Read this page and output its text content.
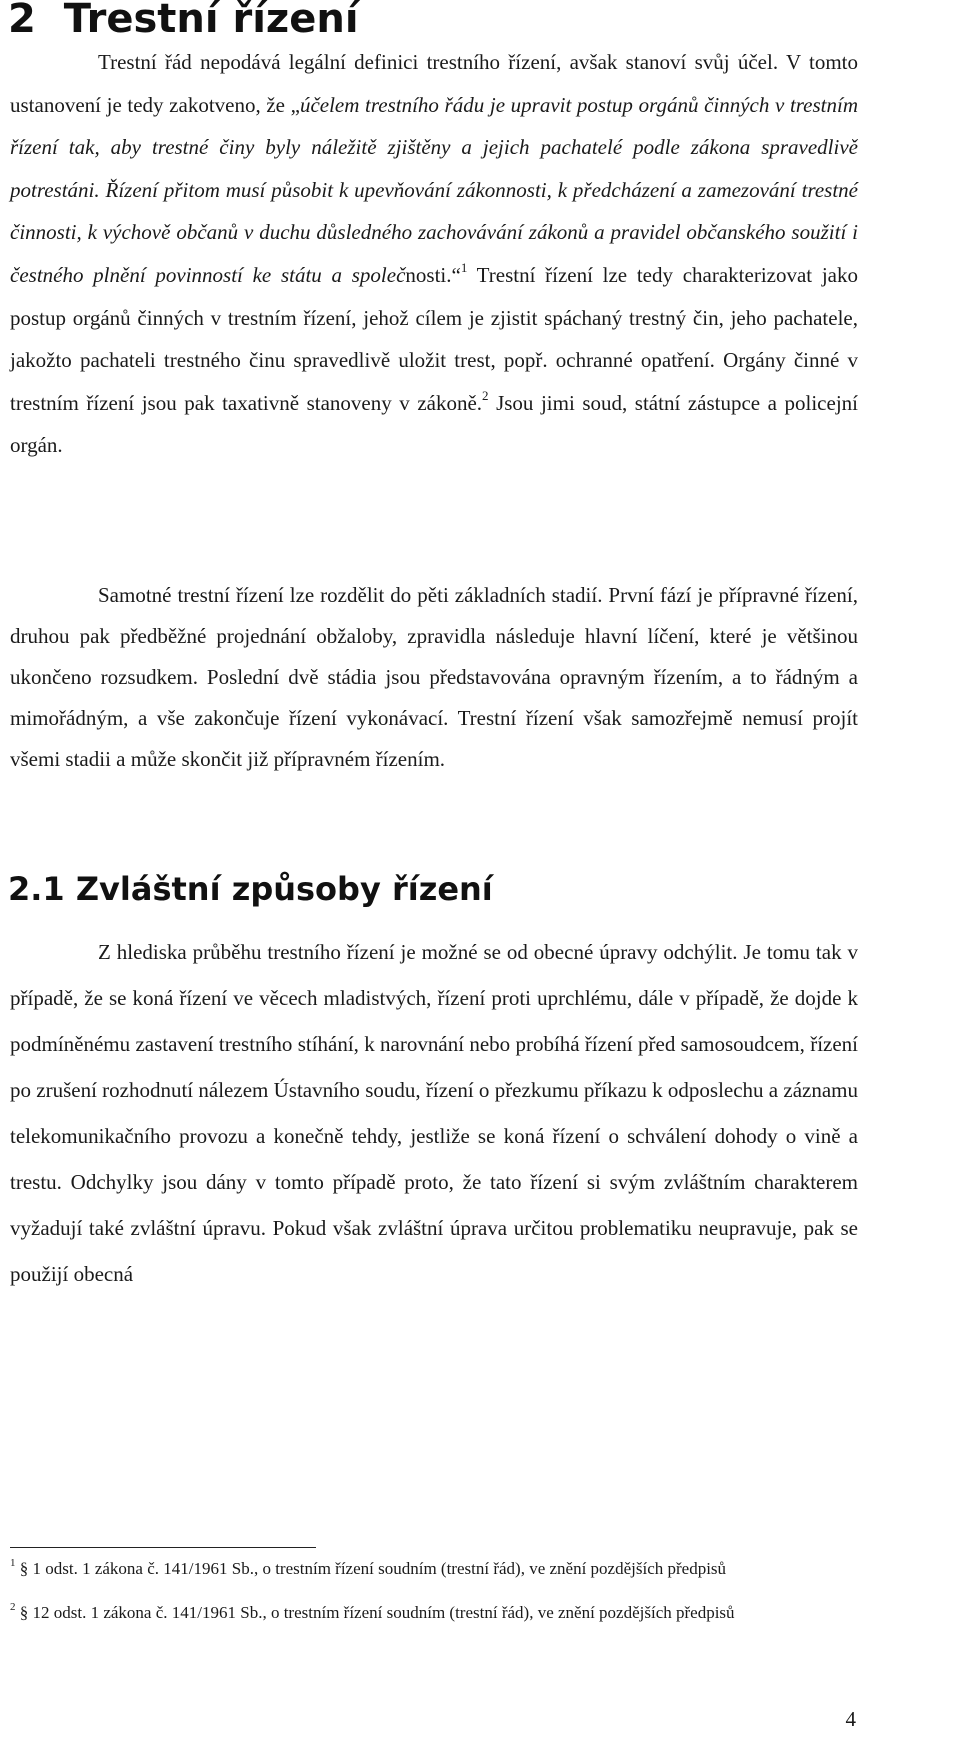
2 Trestní řízení

Trestní řád nepodává legální definici trestního řízení, avšak stanoví svůj účel. V tomto ustanovení je tedy zakotveno, že „účelem trestního řádu je upravit postup orgánů činných v trestním řízení tak, aby trestné činy byly náležitě zjištěny a jejich pachatelé podle zákona spravedlivě potrestáni. Řízení přitom musí působit k upevňování zákonnosti, k předcházení a zamezování trestné činnosti, k výchově občanů v duchu důsledného zachovávání zákonů a pravidel občanského soužití i čestného plnění povinností ke státu a společnosti.“$^1$ Trestní řízení lze tedy charakterizovat jako postup orgánů činných v trestním řízení, jehož cílem je zjistit spáchaný trestný čin, jeho pachatele, jakožto pachateli trestného činu spravedlivě uložit trest, popř. ochranné opatření. Orgány činné v trestním řízení jsou pak taxativně stanoveny v zákoně.$^2$ Jsou jimi soud, státní zástupce a policejní orgán.

Samotné trestní řízení lze rozdělit do pěti základních stadií. První fází je přípravné řízení, druhou pak předběžné projednání obžaloby, zpravidla následuje hlavní líčení, které je většinou ukončeno rozsudkem. Poslední dvě stádia jsou představována opravným řízením, a to řádným a mimořádným, a vše zakončuje řízení vykonávací. Trestní řízení však samozřejmě nemusí projít všemi stadii a může skončit již přípravném řízením.

2.1 Zvláštní způsoby řízení

Z hlediska průběhu trestního řízení je možné se od obecné úpravy odchýlit. Je tomu tak v případě, že se koná řízení ve věcech mladistvých, řízení proti uprchlému, dále v případě, že dojde k podmíněnému zastavení trestního stíhání, k narovnání nebo probíhá řízení před samosoudcem, řízení po zrušení rozhodnutí nálezem Ústavního soudu, řízení o přezkumu příkazu k odposlechu a záznamu telekomunikačního provozu a konečně tehdy, jestliže se koná řízení o schválení dohody o vině a trestu. Odchylky jsou dány v tomto případě proto, že tato řízení si svým zvláštním charakterem vyžadují také zvláštní úpravu. Pokud však zvláštní úprava určitou problematiku neupravuje, pak se použijí obecná

$^1$ § 1 odst. 1 zákona č. 141/1961 Sb., o trestním řízení soudním (trestní řád), ve znění pozdějších předpisů

$^2$ § 12 odst. 1 zákona č. 141/1961 Sb., o trestním řízení soudním (trestní řád), ve znění pozdějších předpisů

4
